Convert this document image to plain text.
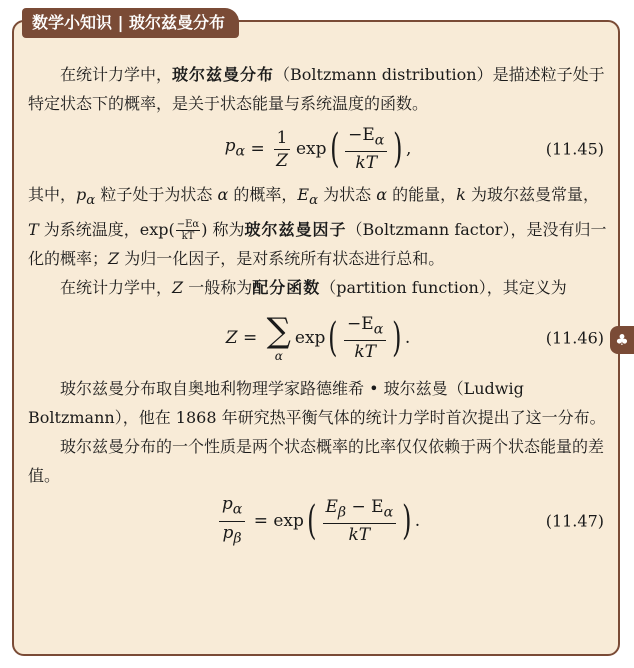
数学小知识 | 玻尔兹曼分布
♣

在统计力学中，玻尔兹曼分布（Boltzmann distribution）是描述粒子处于特定状态下的概率，是关于状态能量与系统温度的函数。

$p_\alpha = \frac{1}{Z}$ exp ( $\frac{-E_\alpha}{kT}$ ) ,	(11.45)

其中，$p_\alpha$ 粒子处于为状态 α 的概率，$E_\alpha$ 为状态 α 的能量，k 为玻尔兹曼常量，T 为系统温度，$\exp( \frac{-E\alpha}{kT}$ ) 称为玻尔兹曼因子（Boltzmann factor），是没有归一化的概率；Z 为归一化因子，是对系统所有状态进行总和。

在统计力学中，Z 一般称为配分函数（partition function），其定义为

Z = ∑
α
exp ( $\frac{-E_\alpha}{kT}$ ) .	(11.46)

玻尔兹曼分布取自奥地利物理学家路德维希 • 玻尔兹曼（Ludwig Boltzmann），他在 1868 年研究热平衡气体的统计力学时首次提出了这一分布。

玻尔兹曼分布的一个性质是两个状态概率的比率仅仅依赖于两个状态能量的差值。

$\frac{p_\alpha}{p_\beta} = \exp$ ( $\frac{E_\beta - E_\alpha}{kT}$ ) .	(11.47)
